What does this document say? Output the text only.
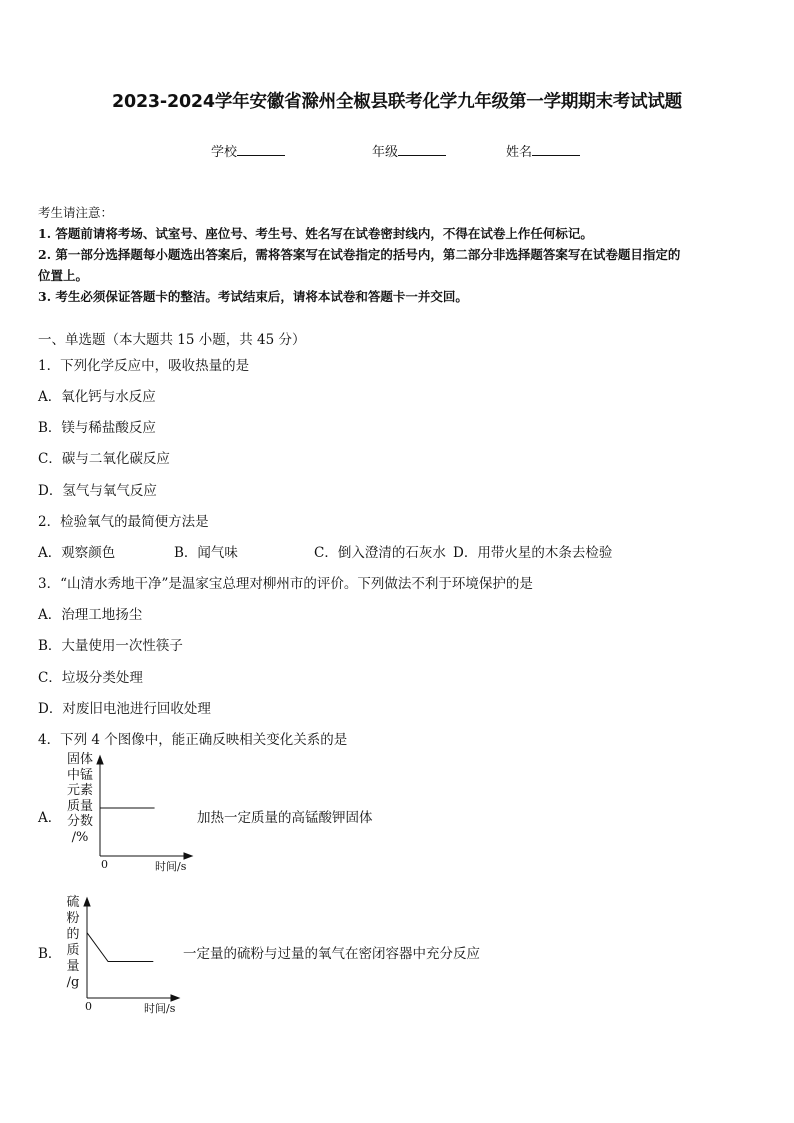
2023-2024学年安徽省滁州全椒县联考化学九年级第一学期期末考试试题
学校	年级	姓名
考生请注意：
1. 答题前请将考场、试室号、座位号、考生号、姓名写在试卷密封线内，不得在试卷上作任何标记。
2. 第一部分选择题每小题选出答案后，需将答案写在试卷指定的括号内，第二部分非选择题答案写在试卷题目指定的
位置上。
3. 考生必须保证答题卡的整洁。考试结束后，请将本试卷和答题卡一并交回。
一、单选题（本大题共 15 小题，共 45 分）
1．下列化学反应中，吸收热量的是
A．氧化钙与水反应
B．镁与稀盐酸反应
C．碳与二氧化碳反应
D．氢气与氧气反应
2．检验氧气的最简便方法是
A．观察颜色	B．闻气味	C．倒入澄清的石灰水 D．用带火星的木条去检验
3．“山清水秀地干净”是温家宝总理对柳州市的评价。下列做法不利于环境保护的是
A．治理工地扬尘
B．大量使用一次性筷子
C．垃圾分类处理
D．对废旧电池进行回收处理
4．下列 4 个图像中，能正确反映相关变化关系的是
A．
固体
中锰
元素
质量
分数
/%
0	时间/s
加热一定质量的高锰酸钾固体
B．
硫
粉
的
质
量
/g
0	时间/s
一定量的硫粉与过量的氧气在密闭容器中充分反应
